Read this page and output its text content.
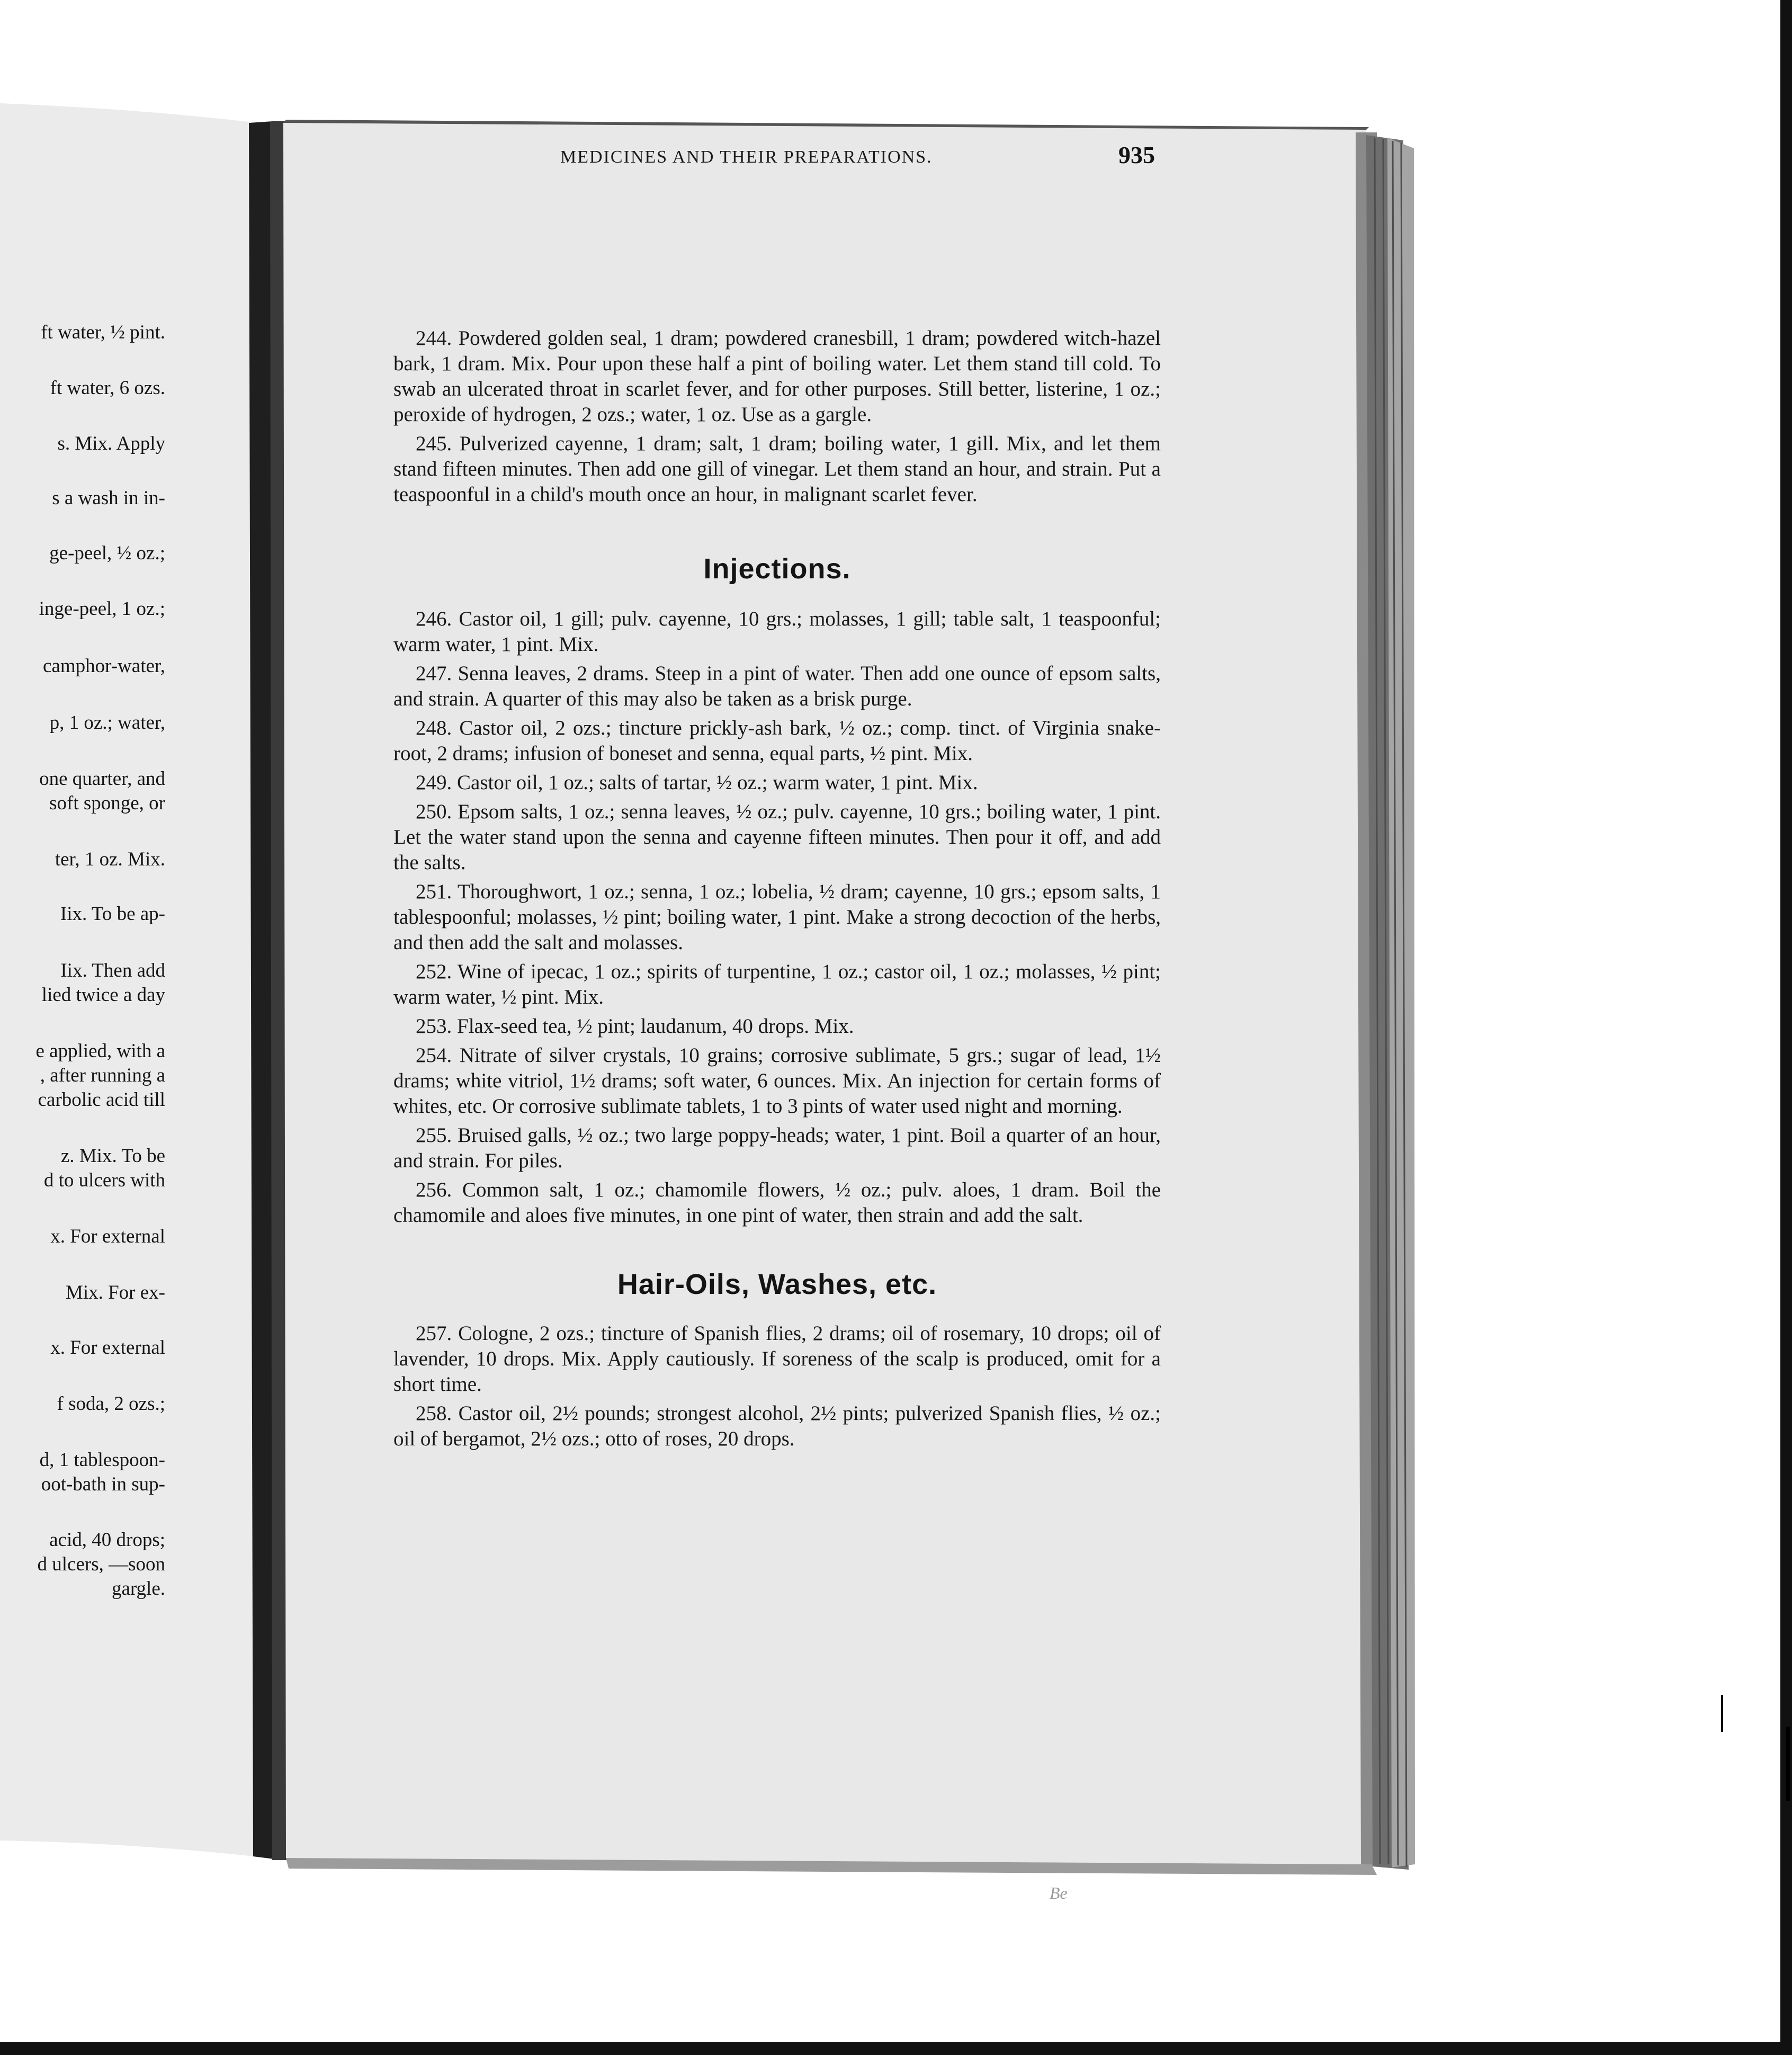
ft water, ½ pint.
ft water, 6 ozs.
s. Mix. Apply
s a wash in in-
ge-peel, ½ oz.;
inge-peel, 1 oz.;
camphor-water,
p, 1 oz.; water,
one quarter, and
soft sponge, or
ter, 1 oz. Mix.
Iix. To be ap-
Iix. Then add
lied twice a day
e applied, with a
, after running a
carbolic acid till
z. Mix. To be
d to ulcers with
x. For external
Mix. For ex-
x. For external
f soda, 2 ozs.;
d, 1 tablespoon-
oot-bath in sup-
acid, 40 drops;
d ulcers, —soon
gargle.
MEDICINES AND THEIR PREPARATIONS.	935

244. Powdered golden seal, 1 dram; powdered cranesbill, 1 dram; powdered witch-hazel bark, 1 dram. Mix. Pour upon these half a pint of boiling water. Let them stand till cold. To swab an ulcerated throat in scarlet fever, and for other purposes. Still better, listerine, 1 oz.; peroxide of hydrogen, 2 ozs.; water, 1 oz. Use as a gargle.

245. Pulverized cayenne, 1 dram; salt, 1 dram; boiling water, 1 gill. Mix, and let them stand fifteen minutes. Then add one gill of vinegar. Let them stand an hour, and strain. Put a teaspoonful in a child's mouth once an hour, in malignant scarlet fever.

Injections.

246. Castor oil, 1 gill; pulv. cayenne, 10 grs.; molasses, 1 gill; table salt, 1 teaspoonful; warm water, 1 pint. Mix.

247. Senna leaves, 2 drams. Steep in a pint of water. Then add one ounce of epsom salts, and strain. A quarter of this may also be taken as a brisk purge.

248. Castor oil, 2 ozs.; tincture prickly-ash bark, ½ oz.; comp. tinct. of Virginia snake-root, 2 drams; infusion of boneset and senna, equal parts, ½ pint. Mix.

249. Castor oil, 1 oz.; salts of tartar, ½ oz.; warm water, 1 pint. Mix.

250. Epsom salts, 1 oz.; senna leaves, ½ oz.; pulv. cayenne, 10 grs.; boiling water, 1 pint. Let the water stand upon the senna and cayenne fifteen minutes. Then pour it off, and add the salts.

251. Thoroughwort, 1 oz.; senna, 1 oz.; lobelia, ½ dram; cayenne, 10 grs.; epsom salts, 1 tablespoonful; molasses, ½ pint; boiling water, 1 pint. Make a strong decoction of the herbs, and then add the salt and molasses.

252. Wine of ipecac, 1 oz.; spirits of turpentine, 1 oz.; castor oil, 1 oz.; molasses, ½ pint; warm water, ½ pint. Mix.

253. Flax-seed tea, ½ pint; laudanum, 40 drops. Mix.

254. Nitrate of silver crystals, 10 grains; corrosive sublimate, 5 grs.; sugar of lead, 1½ drams; white vitriol, 1½ drams; soft water, 6 ounces. Mix. An injection for certain forms of whites, etc. Or corrosive sublimate tablets, 1 to 3 pints of water used night and morning.

255. Bruised galls, ½ oz.; two large poppy-heads; water, 1 pint. Boil a quarter of an hour, and strain. For piles.

256. Common salt, 1 oz.; chamomile flowers, ½ oz.; pulv. aloes, 1 dram. Boil the chamomile and aloes five minutes, in one pint of water, then strain and add the salt.

Hair-Oils, Washes, etc.

257. Cologne, 2 ozs.; tincture of Spanish flies, 2 drams; oil of rosemary, 10 drops; oil of lavender, 10 drops. Mix. Apply cautiously. If soreness of the scalp is produced, omit for a short time.

258. Castor oil, 2½ pounds; strongest alcohol, 2½ pints; pulverized Spanish flies, ½ oz.; oil of bergamot, 2½ ozs.; otto of roses, 20 drops.

Be
